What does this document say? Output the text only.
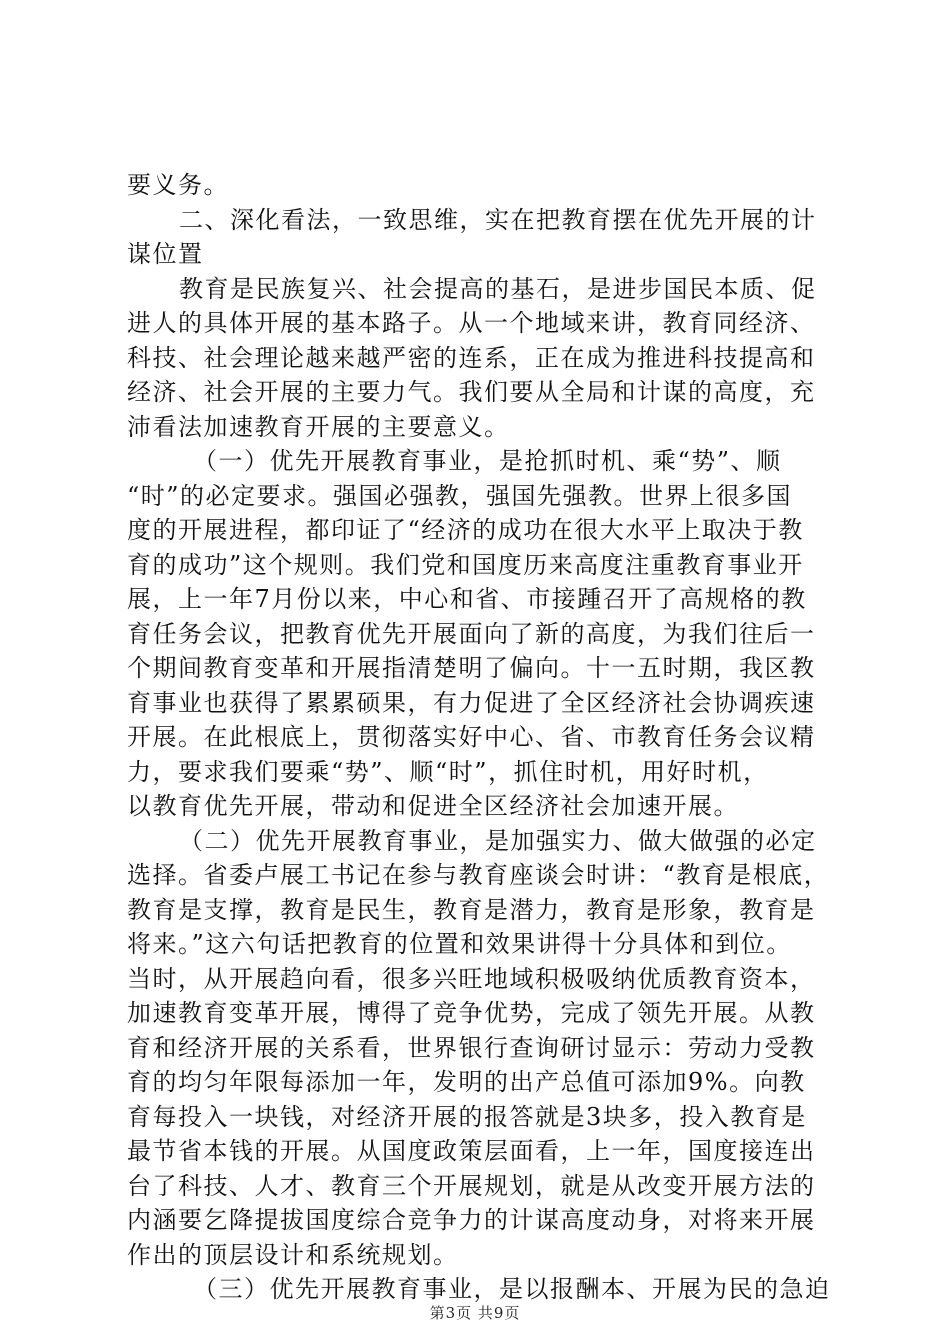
要义务。
二、深化看法，一致思维，实在把教育摆在优先开展的计
谋位置
教育是民族复兴、社会提高的基石，是进步国民本质、促
进人的具体开展的基本路子。从一个地域来讲，教育同经济、
科技、社会理论越来越严密的连系，正在成为推进科技提高和
经济、社会开展的主要力气。我们要从全局和计谋的高度，充
沛看法加速教育开展的主要意义。
（一）优先开展教育事业，是抢抓时机、乘“势”、顺
“时”的必定要求。强国必强教，强国先强教。世界上很多国
度的开展进程，都印证了“经济的成功在很大水平上取决于教
育的成功”这个规则。我们党和国度历来高度注重教育事业开
展，上一年7月份以来，中心和省、市接踵召开了高规格的教
育任务会议，把教育优先开展面向了新的高度，为我们往后一
个期间教育变革和开展指清楚明了偏向。十一五时期，我区教
育事业也获得了累累硕果，有力促进了全区经济社会协调疾速
开展。在此根底上，贯彻落实好中心、省、市教育任务会议精
力，要求我们要乘“势”、顺“时”，抓住时机，用好时机，
以教育优先开展，带动和促进全区经济社会加速开展。
（二）优先开展教育事业，是加强实力、做大做强的必定
选择。省委卢展工书记在参与教育座谈会时讲：“教育是根底，
教育是支撑，教育是民生，教育是潜力，教育是形象，教育是
将来。”这六句话把教育的位置和效果讲得十分具体和到位。
当时，从开展趋向看，很多兴旺地域积极吸纳优质教育资本，
加速教育变革开展，博得了竞争优势，完成了领先开展。从教
育和经济开展的关系看，世界银行查询研讨显示：劳动力受教
育的均匀年限每添加一年，发明的出产总值可添加9%。向教
育每投入一块钱，对经济开展的报答就是3块多，投入教育是
最节省本钱的开展。从国度政策层面看，上一年，国度接连出
台了科技、人才、教育三个开展规划，就是从改变开展方法的
内涵要乞降提拔国度综合竞争力的计谋高度动身，对将来开展
作出的顶层设计和系统规划。
（三）优先开展教育事业，是以报酬本、开展为民的急迫
第3页 共9页
